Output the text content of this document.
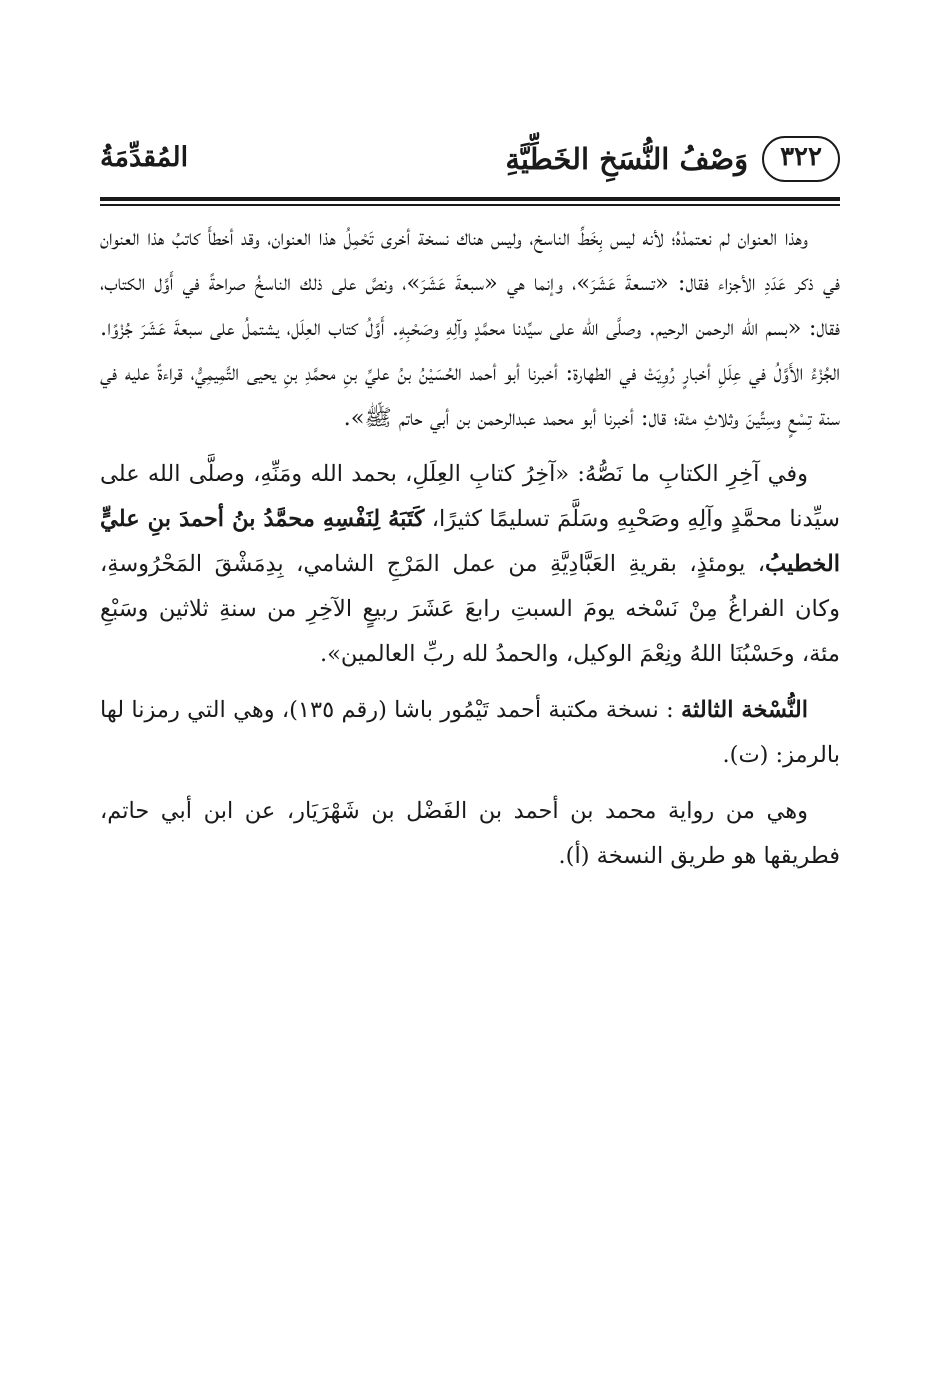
٣٢٢
وَصْفُ النُّسَخِ الخَطِّيَّةِ
المُقدِّمَةُ

وهذا العنوان لم نعتمدْهُ؛ لأنه ليس بِخَطِّ الناسخ، وليس هناك نسخة أخرى تَحْمِلُ هذا العنوان، وقد أخطأَ كاتبُ هذا العنوان في ذكر عَدَدِ الأجزاء فقال: «تسعةَ عَشَرَ»، وإنما هي «سبعةَ عَشَرَ»، ونصَّ على ذلك الناسخُ صراحةً في أَوَّل الكتاب، فقال: «بسم الله الرحمن الرحيم. وصلَّى الله على سيِّدنا محمَّدٍ وآلِهِ وصَحْبِهِ. أَوَّلُ كتاب العِلَل، يشتملُ على سبعةَ عَشَرَ جُزْوًا. الجُزْءُ الأَوَّلُ في عِلَلِ أخبارٍ رُوِيَتْ في الطهارة: أخبرنا أبو أحمد الحُسَيْنُ بنُ عليِّ بنِ محمَّدِ بنِ يحيى التَّمِيمِيُّ، قراءةً عليه في سنة تِسْعٍ وسِتِّينَ وثلاثِ مئة؛ قال: أخبرنا أبو محمد عبدالرحمن بن أبي حاتم ﷺ».

وفي آخِرِ الكتابِ ما نَصُّهُ: «آخِرُ كتابِ العِلَلِ، بحمد الله ومَنِّهِ، وصلَّى الله على سيِّدنا محمَّدٍ وآلِهِ وصَحْبِهِ وسَلَّمَ تسليمًا كثيرًا، كَتَبَهُ لِنَفْسِهِ محمَّدُ بنُ أحمدَ بنِ عليٍّ الخطيبُ، يومئذٍ، بقريةِ العَبَّادِيَّةِ من عمل المَرْجِ الشامي، بِدِمَشْقَ المَحْرُوسةِ، وكان الفراغُ مِنْ نَسْخه يومَ السبتِ رابعَ عَشَرَ ربيعٍ الآخِرِ من سنةِ ثلاثين وسَبْعِ مئة، وحَسْبُنَا اللهُ ونِعْمَ الوكيل، والحمدُ لله ربِّ العالمين».

النُّسْخة الثالثة : نسخة مكتبة أحمد تَيْمُور باشا (رقم ١٣٥)، وهي التي رمزنا لها بالرمز: (ت).

وهي من رواية محمد بن أحمد بن الفَضْل بن شَهْرَيَار، عن ابن أبي حاتم، فطريقها هو طريق النسخة (أ).
